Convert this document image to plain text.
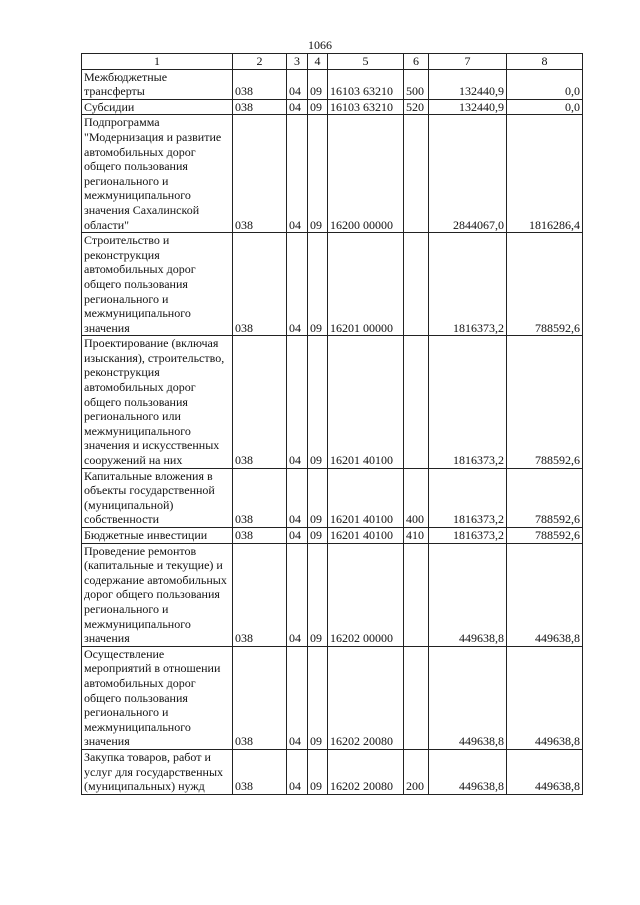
1066
1	2	3	4	5	6	7	8
Межбюджетные трансферты	038	04	09	16103 63210	500	132440,9	0,0
Субсидии	038	04	09	16103 63210	520	132440,9	0,0
Подпрограмма "Модернизация и развитие автомобильных дорог общего пользования регионального и межмуниципального значения Сахалинской области"	038	04	09	16200 00000		2844067,0	1816286,4
Строительство и реконструкция автомобильных дорог общего пользования регионального и межмуниципального значения	038	04	09	16201 00000		1816373,2	788592,6
Проектирование (включая изыскания), строительство, реконструкция автомобильных дорог общего пользования регионального или межмуниципального значения и искусственных сооружений на них	038	04	09	16201 40100		1816373,2	788592,6
Капитальные вложения в объекты государственной (муниципальной) собственности	038	04	09	16201 40100	400	1816373,2	788592,6
Бюджетные инвестиции	038	04	09	16201 40100	410	1816373,2	788592,6
Проведение ремонтов (капитальные и текущие) и содержание автомобильных дорог общего пользования регионального и межмуниципального значения	038	04	09	16202 00000		449638,8	449638,8
Осуществление мероприятий в отношении автомобильных дорог общего пользования регионального и межмуниципального значения	038	04	09	16202 20080		449638,8	449638,8
Закупка товаров, работ и услуг для государственных (муниципальных) нужд	038	04	09	16202 20080	200	449638,8	449638,8
